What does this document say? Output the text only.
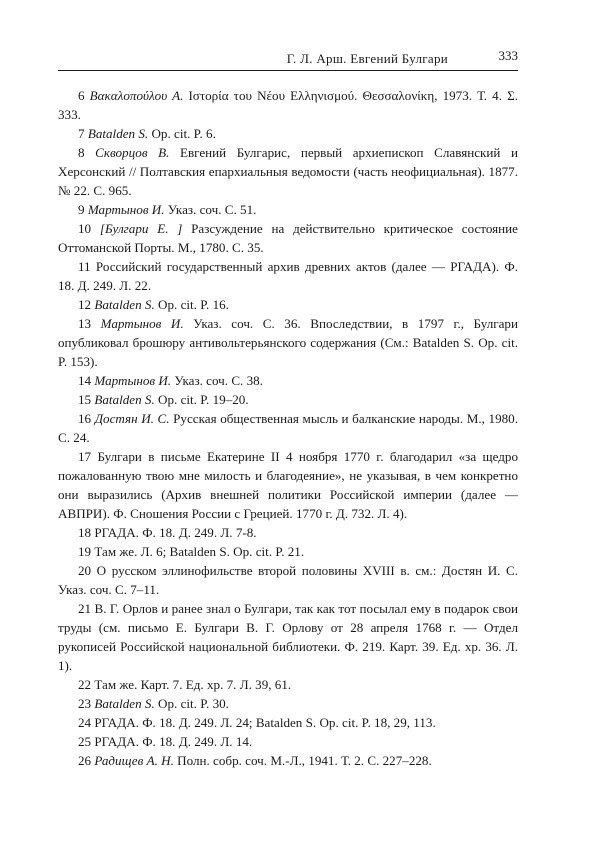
Г. Л. Арш. Евгений Булгари	333

6 Βακαλοπούλου Α. Ιστορία του Νέου Ελληνισμού. Θεσσαλονίκη, 1973. Т. 4. Σ. 333.

7 Batalden S. Op. cit. P. 6.

8 Скворцов В. Евгений Булгарис, первый архиепископ Славянский и Херсонский // Полтавския епархиальныя ведомости (часть неофициальная). 1877. № 22. С. 965.

9 Мартынов И. Указ. соч. С. 51.

10 [Булгари Е. ] Разсуждение на действительно критическое состояние Оттоманской Порты. М., 1780. С. 35.

11 Российский государственный архив древних актов (далее — РГАДА). Ф. 18. Д. 249. Л. 22.

12 Batalden S. Op. cit. P. 16.

13 Мартынов И. Указ. соч. С. 36. Впоследствии, в 1797 г., Булгари опубликовал брошюру антивольтерьянского содержания (См.: Batalden S. Op. cit. P. 153).

14 Мартынов И. Указ. соч. С. 38.

15 Batalden S. Op. cit. P. 19–20.

16 Достян И. С. Русская общественная мысль и балканские народы. М., 1980. С. 24.

17 Булгари в письме Екатерине II 4 ноября 1770 г. благодарил «за щедро пожалованную твою мне милость и благодеяние», не указывая, в чем конкретно они выразились (Архив внешней политики Российской империи (далее — АВПРИ). Ф. Сношения России с Грецией. 1770 г. Д. 732. Л. 4).

18 РГАДА. Ф. 18. Д. 249. Л. 7-8.

19 Там же. Л. 6; Batalden S. Op. cit. P. 21.

20 О русском эллинофильстве второй половины XVIII в. см.: Достян И. С. Указ. соч. С. 7–11.

21 В. Г. Орлов и ранее знал о Булгари, так как тот посылал ему в подарок свои труды (см. письмо Е. Булгари В. Г. Орлову от 28 апреля 1768 г. — Отдел рукописей Российской национальной библиотеки. Ф. 219. Карт. 39. Ед. хр. 36. Л. 1).

22 Там же. Карт. 7. Ед. хр. 7. Л. 39, 61.

23 Batalden S. Op. cit. P. 30.

24 РГАДА. Ф. 18. Д. 249. Л. 24; Batalden S. Op. cit. P. 18, 29, 113.

25 РГАДА. Ф. 18. Д. 249. Л. 14.

26 Радищев А. Н. Полн. собр. соч. М.-Л., 1941. Т. 2. С. 227–228.
